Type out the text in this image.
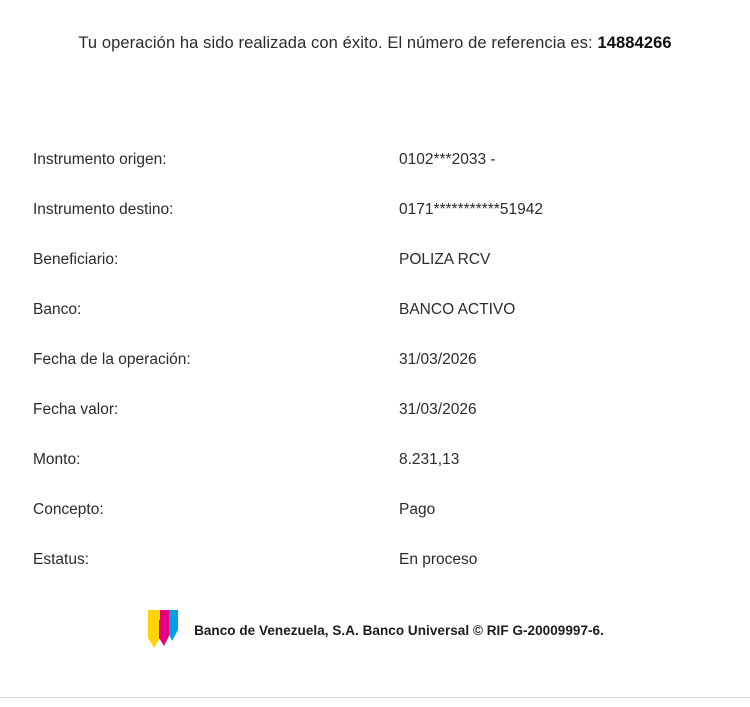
Tu operación ha sido realizada con éxito. El número de referencia es: 14884266
Instrumento origen:	0102***2033 -
Instrumento destino:	0171***********51942
Beneficiario:	POLIZA RCV
Banco:	BANCO ACTIVO
Fecha de la operación:	31/03/2026
Fecha valor:	31/03/2026
Monto:	8.231,13
Concepto:	Pago
Estatus:	En proceso
Banco de Venezuela, S.A. Banco Universal © RIF G-20009997-6.
